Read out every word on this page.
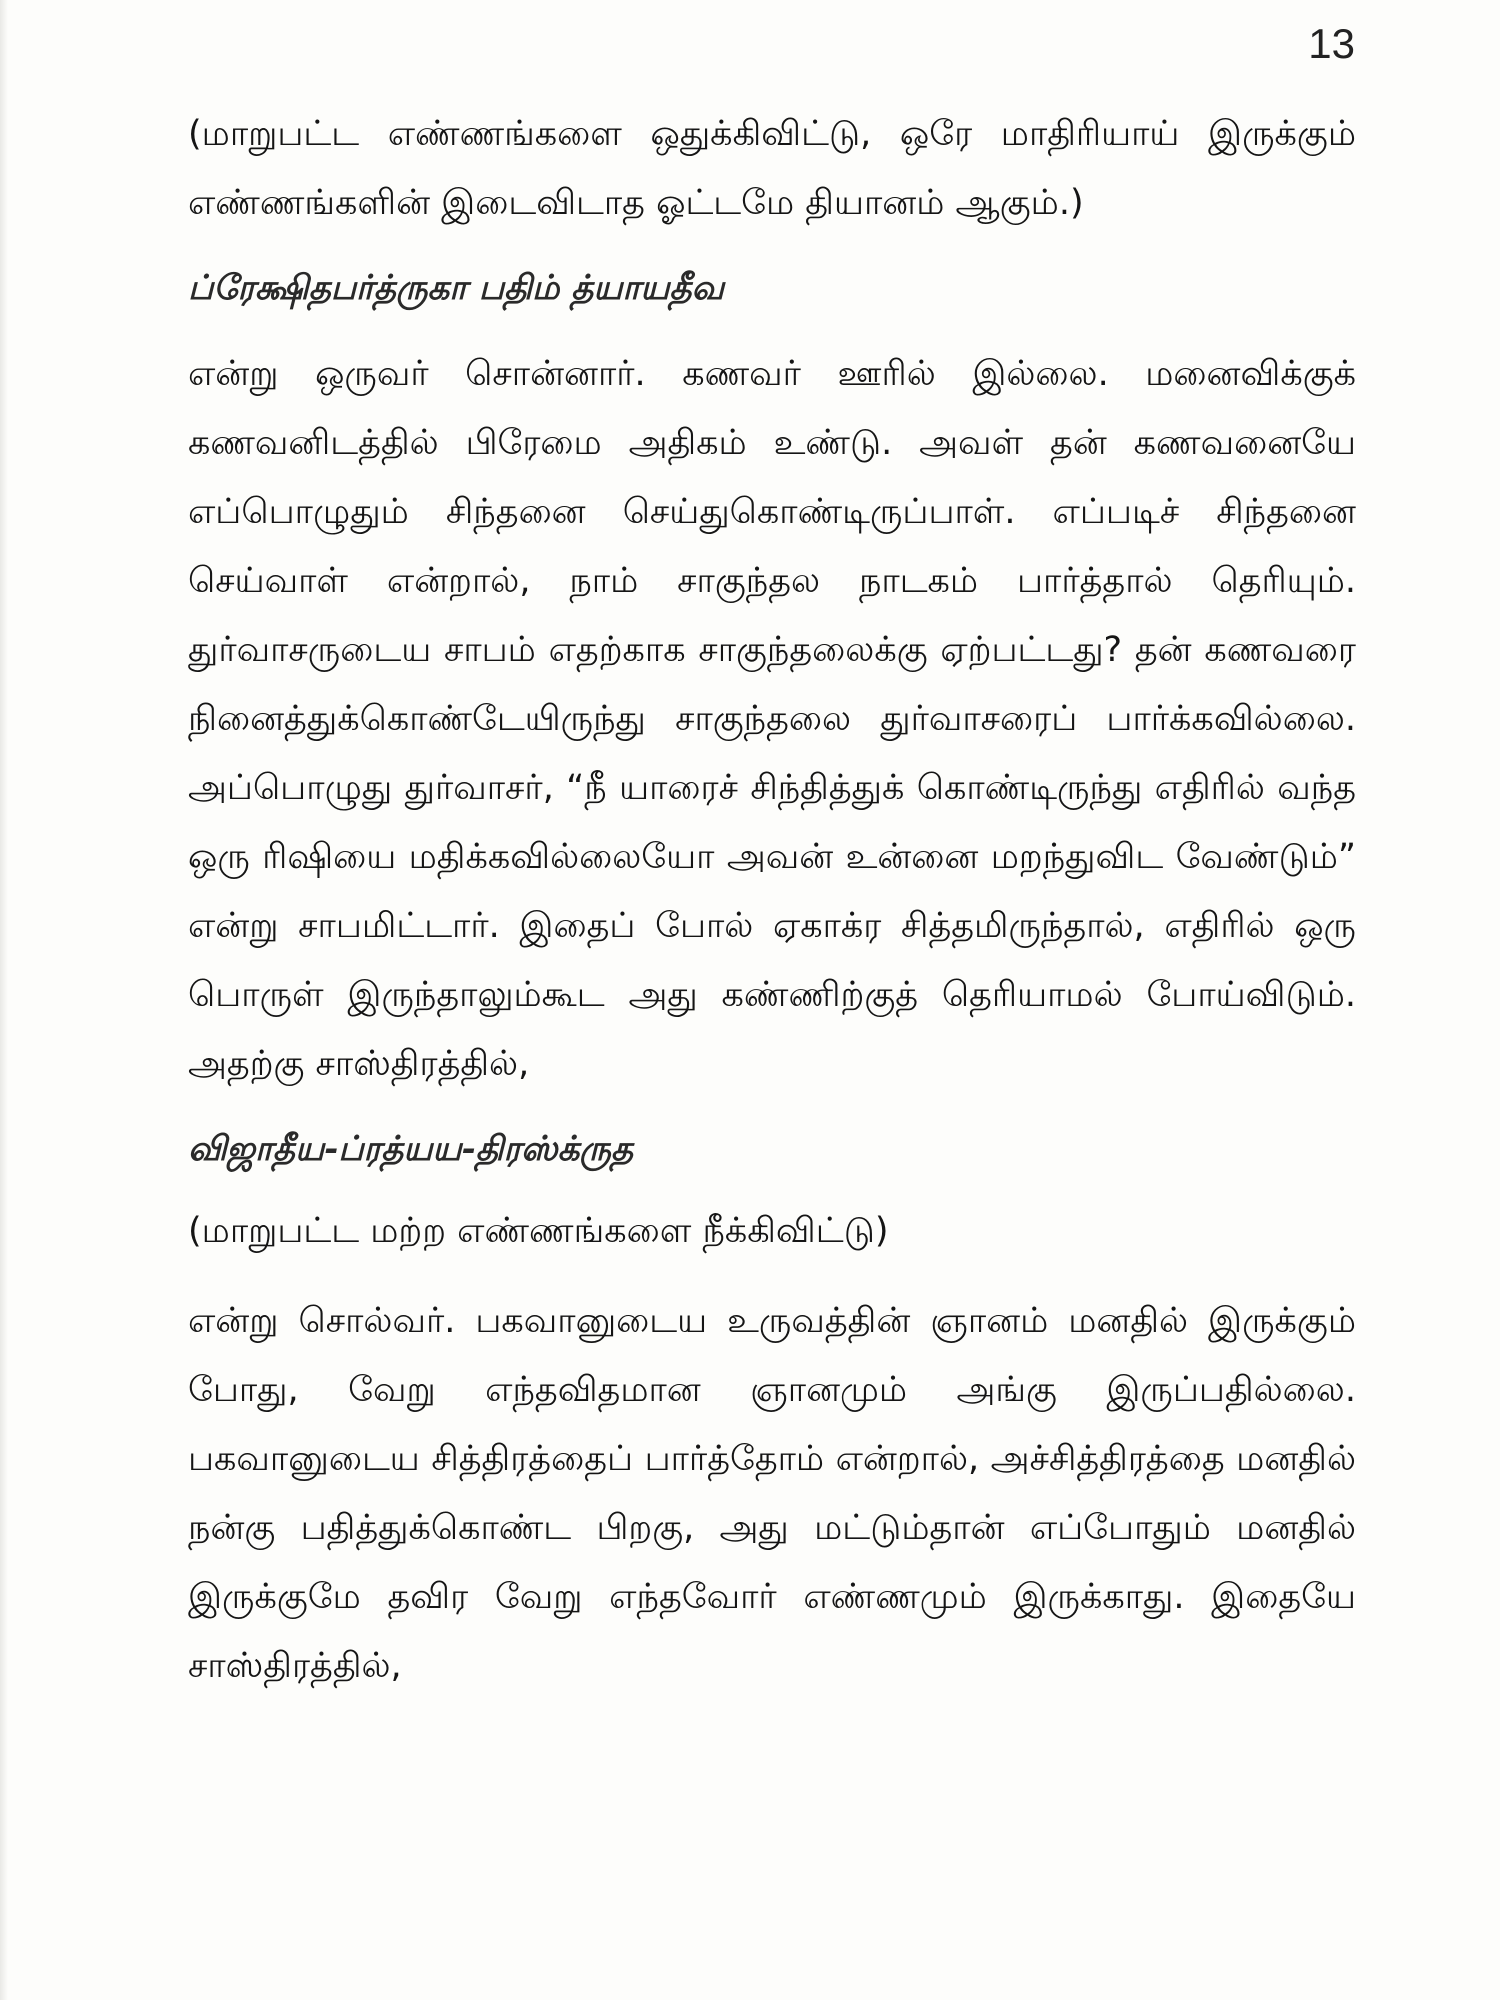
13

(மாறுபட்ட எண்ணங்களை ஒதுக்கிவிட்டு, ஒரே மாதிரியாய் இருக்கும் எண்ணங்களின் இடைவிடாத ஓட்டமே தியானம் ஆகும்.)

ப்ரேக்ஷிதபர்த்ருகா பதிம் த்யாயதீவ

என்று ஒருவர் சொன்னார். கணவர் ஊரில் இல்லை. மனைவிக்குக் கணவனிடத்தில் பிரேமை அதிகம் உண்டு. அவள் தன் கணவனையே எப்பொழுதும் சிந்தனை செய்துகொண்டிருப்பாள். எப்படிச் சிந்தனை செய்வாள் என்றால், நாம் சாகுந்தல நாடகம் பார்த்தால் தெரியும். துர்வாசருடைய சாபம் எதற்காக சாகுந்தலைக்கு ஏற்பட்டது? தன் கணவரை நினைத்துக்கொண்டேயிருந்து சாகுந்தலை துர்வாசரைப் பார்க்கவில்லை. அப்பொழுது துர்வாசர், “நீ யாரைச் சிந்தித்துக் கொண்டிருந்து எதிரில் வந்த ஒரு ரிஷியை மதிக்கவில்லையோ அவன் உன்னை மறந்துவிட வேண்டும்” என்று சாபமிட்டார். இதைப் போல் ஏகாக்ர சித்தமிருந்தால், எதிரில் ஒரு பொருள் இருந்தாலும்கூட அது கண்ணிற்குத் தெரியாமல் போய்விடும். அதற்கு சாஸ்திரத்தில்,

விஜாதீய-ப்ரத்யய-திரஸ்க்ருத
(மாறுபட்ட மற்ற எண்ணங்களை நீக்கிவிட்டு)

என்று சொல்வர். பகவானுடைய உருவத்தின் ஞானம் மனதில் இருக்கும் போது, வேறு எந்தவிதமான ஞானமும் அங்கு இருப்பதில்லை. பகவானுடைய சித்திரத்தைப் பார்த்தோம் என்றால், அச்சித்திரத்தை மனதில் நன்கு பதித்துக்கொண்ட பிறகு, அது மட்டும்தான் எப்போதும் மனதில் இருக்குமே தவிர வேறு எந்தவோர் எண்ணமும் இருக்காது. இதையே சாஸ்திரத்தில்,
